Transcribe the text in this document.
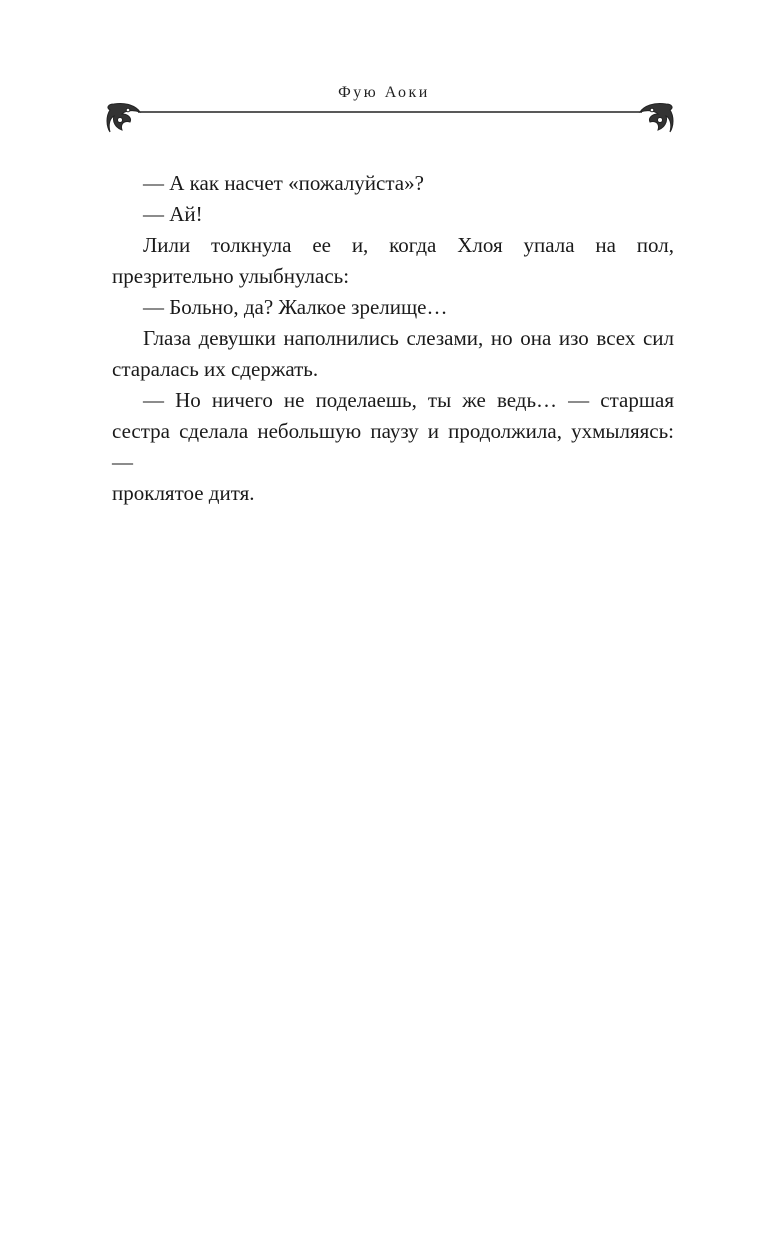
Фую Аоки

— А как насчет «пожалуйста»?

— Ай!

Лили толкнула ее и, когда Хлоя упала на пол, презрительно улыбнулась:

— Больно, да? Жалкое зрелище…

Глаза девушки наполнились слезами, но она изо всех сил старалась их сдержать.

— Но ничего не поделаешь, ты же ведь… — старшая сестра сделала небольшую паузу и продолжила, ухмыляясь: —

проклятое дитя.
